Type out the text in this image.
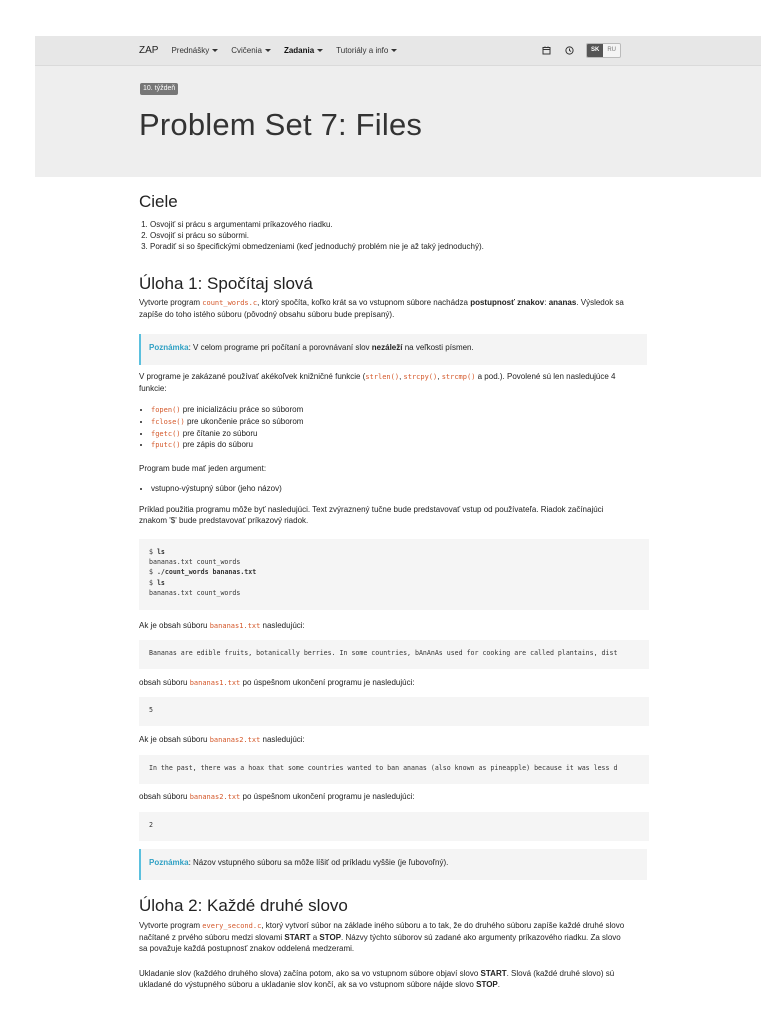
ZAP Prednášky	Cvičenia	Zadania	Tutoriály a info	SK	RU
10. týždeň
Problem Set 7: Files
Ciele
1. Osvojiť si prácu s argumentami príkazového riadku.
2. Osvojiť si prácu so súbormi.
3. Poradiť si so špecifickými obmedzeniami (keď jednoduchý problém nie je až taký jednoduchý).
Úloha 1: Spočítaj slová

Vytvorte program count_words.c, ktorý spočíta, koľko krát sa vo vstupnom súbore nachádza postupnosť znakov: ananas. Výsledok sa zapíše do toho istého súboru (pôvodný obsahu súboru bude prepísaný).

Poznámka: V celom programe pri počítaní a porovnávaní slov nezáleží na veľkosti písmen.

V programe je zakázané používať akékoľvek knižničné funkcie (strlen(), strcpy(), strcmp() a pod.). Povolené sú len nasledujúce 4 funkcie:

• fopen() pre inicializáciu práce so súborom
• fclose() pre ukončenie práce so súborom
• fgetc() pre čítanie zo súboru
• fputc() pre zápis do súboru

Program bude mať jeden argument:

• vstupno-výstupný súbor (jeho názov)

Príklad použitia programu môže byť nasledujúci. Text zvýraznený tučne bude predstavovať vstup od používateľa. Riadok začínajúci znakom '$' bude predstavovať príkazový riadok.

$ ls
bananas.txt count_words
$ ./count_words bananas.txt
$ ls
bananas.txt count_words

Ak je obsah súboru bananas1.txt nasledujúci:

Bananas are edible fruits, botanically berries. In some countries, bAnAnAs used for cooking are called plantains, dist

obsah súboru bananas1.txt po úspešnom ukončení programu je nasledujúci:

5

Ak je obsah súboru bananas2.txt nasledujúci:

In the past, there was a hoax that some countries wanted to ban ananas (also known as pineapple) because it was less d

obsah súboru bananas2.txt po úspešnom ukončení programu je nasledujúci:

2
Poznámka: Názov vstupného súboru sa môže líšiť od príkladu vyššie (je ľubovoľný).
Úloha 2: Každé druhé slovo

Vytvorte program every_second.c, ktorý vytvorí súbor na základe iného súboru a to tak, že do druhého súboru zapíše každé druhé slovo načítané z prvého súboru medzi slovami START a STOP. Názvy týchto súborov sú zadané ako argumenty príkazového riadku. Za slovo sa považuje každá postupnosť znakov oddelená medzerami.

Ukladanie slov (každého druhého slova) začína potom, ako sa vo vstupnom súbore objaví slovo START. Slová (každé druhé slovo) sú ukladané do výstupného súboru a ukladanie slov končí, ak sa vo vstupnom súbore nájde slovo STOP.
